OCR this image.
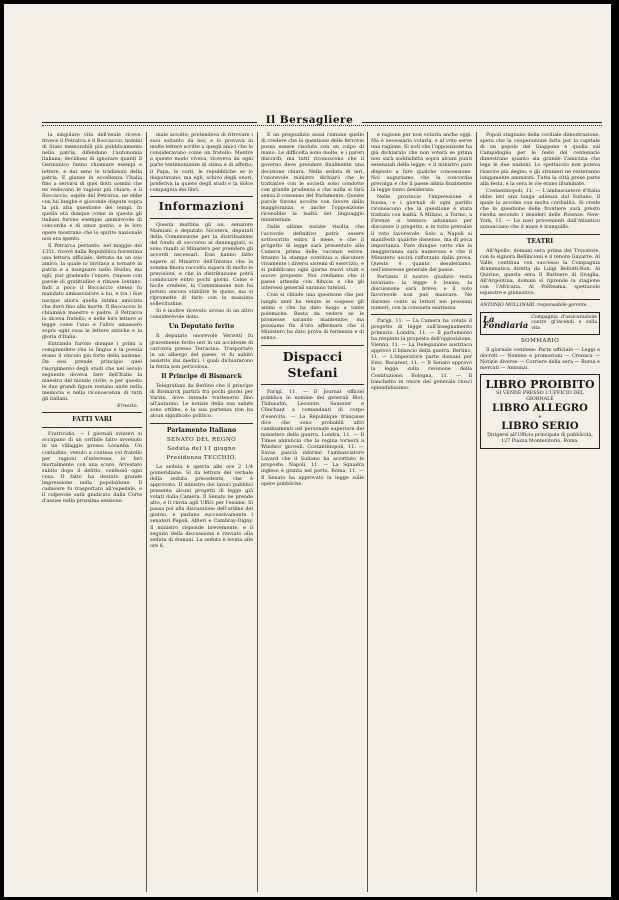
Il Bersagliere

la singolare vita dell'esule riceve. Invece il Petrarca e il Boccaccio, nomini di Stato memorabili più pubblicamente nella patria, difendono l'autonomia italiana; decidono di ignorare quanti il Germanico fanno chiamare esempi e lettere, e dal seno le tradizioni della patria. E giunse in eccellenza l'Italia fino a servirsi di quei dotti uomini che ne vedevano le ragioni più chiare; e il Boccaccio, ospite del Petrarca, ne ebbe con lui lunghe e gioconde dispute sopra la più alta questione dei tempi. In quella età dunque come in questa gli italiani furono esempio ammirevole di concordia e di amor patrio, e le loro opere mostrano che lo spirito nazionale non era spento.

Il Petrarca pertanto, nel maggio del 1351, ricevé dalla Repubblica fiorentina una lettera ufficiale, dettata da un suo amico, la quale lo invitava a tornare in patria e a insegnare nello Studio; ma egli, pur gradendo l'onore, rispose con parole di gratitudine e rimase lontano. Indi a poco il Boccaccio stesso fu mandato ambasciatore a lui, e tra i due nacque allora quella intima amicizia che durò fino alla morte. Il Boccaccio lo chiamava maestro e padre, il Petrarca lo diceva fratello; e nelle loro lettere si legge come l'uno e l'altro amassero sopra ogni cosa le lettere antiche e la gloria d'Italia.

Entrambi furono dunque i primi a comprendere che la lingua e la poesia erano il vincolo più forte della nazione. Da essi prende principio quel risorgimento degli studi che nel secolo seguente doveva fare dell'Italia la maestra del mondo civile; e per questo le due grandi figure restano unite nella memoria e nella riconoscenza di tutti gli italiani.

Ernesto.
FATTI VARI

Fratricidio. — I giornali svizzeri si occupano di un orribile fatto avvenuto in un villaggio presso Losanna. Un contadino, venuto a contesa col fratello per ragioni d'interesse, lo ferì mortalmente con una scure. Arrestato subito dopo il delitto, confessò ogni cosa. Il fatto ha destato grande impressione nella popolazione. Il cadavere fu trasportato all'ospedale, e il colpevole sarà giudicato dalla Corte d'assise nella prossima sessione.

male accolto; pretendeva di ritrovare i suoi soltanto da noi; e lo provava in molte lettere scritte a quegli amici che lo consideravano come un fratello. Mentre a questo modo viveva, riceveva da ogni parte testimonianze di stima e di affetto; il Papa, le corti, le repubbliche se lo disputavano; ma egli, schivo degli onori, preferiva la quiete degli studi e la dolce compagnia dei libri.

Informazioni

Questa mattina gli on. senatore Mamiani e deputato Nicotera, deputati della Commissione per la distribuzione del fondo di soccorso ai danneggiati, si sono riuniti al Ministero per prendere gli accordi necessari. Essi hanno fatto sapere al Ministro dell'Interno che la somma finora raccolta supera di molto le previsioni, e che la distribuzione potrà cominciare entro pochi giorni. Come è facile credere, la Commissione non ha potuto ancora stabilire le quote, ma si ripromette di farlo con la massima sollecitudine.

Si è inoltre ricevuto avviso di un altro considerevole dono.

Un Deputato ferito

Il deputato onorevole Verzotti fu gravemente ferito ieri in un accidente di carrozza presso Terracina. Trasportato in un albergo del paese, vi fu subito assistito dai medici, i quali dichiararono la ferita non pericolosa.

Il Principe di Bismarck

Telegrafano da Berlino che il principe di Bismarck partirà fra pochi giorni per Varzin, dove intende trattenersi fino all'autunno. Le notizie della sua salute sono ottime, e la sua partenza non ha alcun significato politico.

Parlamento Italiano
SENATO DEL REGNO
Seduta del 11 giugno
Presidenza TECCHIO.

La seduta è aperta alle ore 2 1/4 pomeridiane. Si da lettura del verbale della seduta precedente, che è approvato. Il ministro dei lavori pubblici presenta alcuni progetti di legge già votati dalla Camera. Il Senato ne prende atto, e li rinvia agli Uffici per l'esame. Si passa poi alla discussione dell'ordine del giorno, e parlano successivamente i senatori Pepoli, Alfieri e Cambray-Digny. Il ministro risponde brevemente, e il seguito della discussione è rinviato alla seduta di domani. La seduta è levata alle ore 6.

È un pregiudizio assai comune quello di credere che la questione delle ferrovie possa essere risoluta con un colpo di mano. Le difficoltà sono molte, e i pareri discordi; ma tutti riconoscono che il governo deve prendere finalmente una decisione chiara. Nella seduta di ieri, l'onorevole ministro dichiarò che le trattative con le società sono condotte con grande prudenza e che nulla si farà senza il consenso del Parlamento. Queste parole furono accolte con favore dalla maggioranza, e anche l'opposizione riconobbe la lealtà del linguaggio ministeriale.

Dalle ultime notizie risulta che l'accordo definitivo potrà essere sottoscritto entro il mese, e che il progetto di legge sarà presentato alla Camera prima delle vacanze estive. Intanto la stampa continua a discutere vivamente i diversi sistemi di esercizio, e si pubblicano ogni giorno nuovi studi e nuove proposte. Noi crediamo che il paese attenda con fiducia e che gli interessi generali saranno tutelati.

Così si chiude una questione che per lunghi anni ha tenuto in sospeso gli animi e che ha dato luogo a tante polemiche. Resta da vedere se le promesse saranno mantenute; ma possiamo fin d'ora affermare che il Ministero ha dato prova di fermezza e di senno.

Dispacci Stefani

Parigi, 11. — Il Journal officiel pubblica le nomine dei generali Blot, Thibaudin, Lecointe, Saussier e Clinchant a comandanti di corpo d'esercito. — La République française dice che sono probabili altri cambiamenti nel personale superiore del ministero della guerra. Londra, 11. — Il Times annuncia che la regina tornerà a Windsor giovedì. Costantinopoli, 11. — Savas pascià informò l'ambasciatore Layard che il Sultano ha accettato le proposte. Napoli, 11. — La Squadra inglese è giunta nel porto. Roma, 11. — Il Senato ha approvato la legge sulle opere pubbliche.

e ragione per non votarla anche oggi. Ma è necessario votarla, e al voto serve una ragione. Si noti che l'opposizione ha già dichiarato che non voterà se prima non sarà soddisfatta sopra alcuni punti essenziali della legge; e il ministro pare disposto a fare qualche concessione. Noi auguriamo che la concordia prevalga e che il paese abbia finalmente la legge tanto desiderata.

Nelle provincie l'impressione è buona, e i giornali di ogni partito riconoscono che la questione è stata trattata con lealtà. A Milano, a Torino, a Firenze si tennero adunanze per discutere il progetto, e in tutte prevalse il voto favorevole. Solo a Napoli si manifestò qualche dissenso, ma di poca importanza. Pare dunque certo che la maggioranza sarà numerosa e che il Ministero uscirà rafforzato dalla prova. Questo è quanto desideriamo, nell'interesse generale del paese.

Pertanto il nostro giudizio resta invariato: la legge è buona, la discussione sarà breve, e il voto favorevole non può mancare. Ne daremo conto ai lettori nei prossimi numeri, con la consueta esattezza.

Parigi, 11. — La Camera ha votato il progetto di legge sull'insegnamento primario. Londra, 11. — Il parlamento ha respinto la proposta dell'opposizione. Vienna, 11. — La Delegazione austriaca approvò il bilancio della guerra. Berlino, 11. — L'imperatore parte domani per Ems. Bucarest, 11. — Il Senato approvò la legge sulla revisione della Costituzione. Bologna, 11. — Il banchetto in onore del generale riuscì splendidissimo.

Popoli stagnano della cordiale dimostrazione, spera che la cooperazione fatta per la capitale di un popolo del Giappone e quella sul Campidoglio per le feste del centenario dimostrano quanto sia grande l'amicizia che lega le due nazioni. Lo spettacolo non poteva riuscire più degno, e gli stranieri ne resteranno lungamente ammirati. Tutta la città prese parte alla festa, e la sera le vie erano illuminate.

Costantinopoli, 11. — L'ambasciatore d'Italia ebbe ieri una lunga udienza dal Sultano, il quale lo accolse con molta cordialità. Si crede che la questione delle frontiere sarà presto risolta secondo i desideri delle Potenze. New-York, 11. — Le navi provenienti dall'Atlantico annunciano che il mare è tranquillo.

TEATRI

All'Apollo, domani sera prima del Trovatore, con la signora Bellincioni e il tenore Gayarre. Al Valle, continua con successo la Compagnia drammatica diretta da Luigi Bellotti-Bon. Al Quirino, questa sera Il Barbiere di Siviglia. All'Argentina, domani si riprende la stagione con l'Africana. Al Politeama, spettacolo equestre e ginnastico.

ANTONIO MOLLINARI, responsabile-gerente.
La Fondiaria
Compagnia d'assicurazione contro gl'incendi e sulla vita
SOMMARIO

Il giornale contiene: Parte ufficiale — Leggi e decreti — Nomine e promozioni — Cronaca — Notizie diverse — Corriere della sera — Borsa e mercati — Annunzi.

LIBRO PROIBITO
SI VENDE PRESSO L'UFFICIO DEL GIORNALE
LIBRO ALLEGRO
e
LIBRO SERIO
Dirigersi all'Ufficio principale di pubblicità, 127 Piazza Montecitorio, Roma.
